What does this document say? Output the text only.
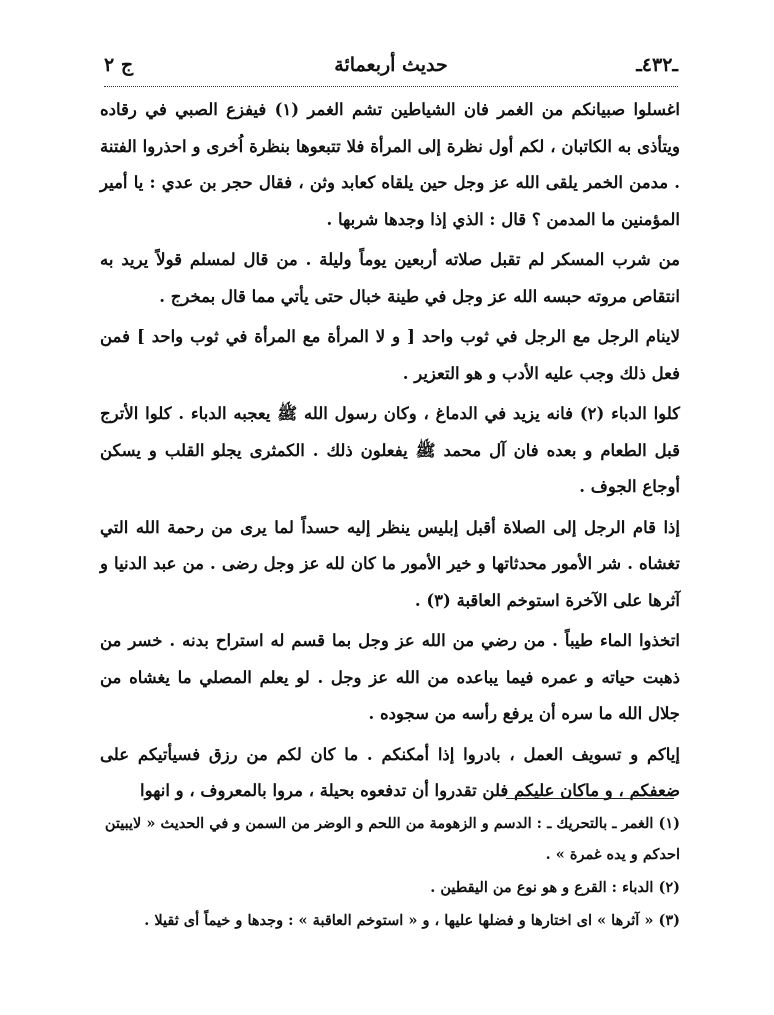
ـ٤٣٢ـ
حديث أربعمائة
ج ٢

اغسلوا صبيانكم من الغمر فان الشياطين تشم الغمر (١) فيفزع الصبي في رقاده ويتأذى به الكاتبان ، لكم أول نظرة إلى المرأة فلا تتبعوها بنظرة اُخرى و احذروا الفتنة . مدمن الخمر يلقى الله عز وجل حين يلقاه كعابد وثن ، فقال حجر بن عدي : يا أمير المؤمنين ما المدمن ؟ قال : الذي إذا وجدها شربها .

من شرب المسكر لم تقبل صلاته أربعين يوماً وليلة . من قال لمسلم قولاً يريد به انتقاص مروته حبسه الله عز وجل في طينة خبال حتى يأتي مما قال بمخرج .

لاينام الرجل مع الرجل في ثوب واحد [ و لا المرأة مع المرأة في ثوب واحد ] فمن فعل ذلك وجب عليه الأدب و هو التعزير .

كلوا الدباء (٢) فانه يزيد في الدماغ ، وكان رسول الله ﷺ يعجبه الدباء . كلوا الأترج قبل الطعام و بعده فان آل محمد ﷺ يفعلون ذلك . الكمثرى يجلو القلب و يسكن أوجاع الجوف .

إذا قام الرجل إلى الصلاة أقبل إبليس ينظر إليه حسداً لما يرى من رحمة الله التي تغشاه . شر الأمور محدثاتها و خير الأمور ما كان لله عز وجل رضى . من عبد الدنيا و آثرها على الآخرة استوخم العاقبة (٣) .

اتخذوا الماء طيباً . من رضي من الله عز وجل بما قسم له استراح بدنه . خسر من ذهبت حياته و عمره فيما يباعده من الله عز وجل . لو يعلم المصلي ما يغشاه من جلال الله ما سره أن يرفع رأسه من سجوده .

إياكم و تسويف العمل ، بادروا إذا أمكنكم . ما كان لكم من رزق فسيأتيكم على ضعفكم ، و ماكان عليكم فلن تقدروا أن تدفعوه بحيلة ، مروا بالمعروف ، و انهوا

(١) الغمر ـ بالتحريك ـ : الدسم و الزهومة من اللحم و الوضر من السمن و في الحديث « لايبيتن احدكم و يده غمرة » .

(٢) الدباء : القرع و هو نوع من اليقطين .

(٣) « آثرها » اى اختارها و فضلها عليها ، و « استوخم العاقبة » : وجدها و خيماً أى ثقيلا .
